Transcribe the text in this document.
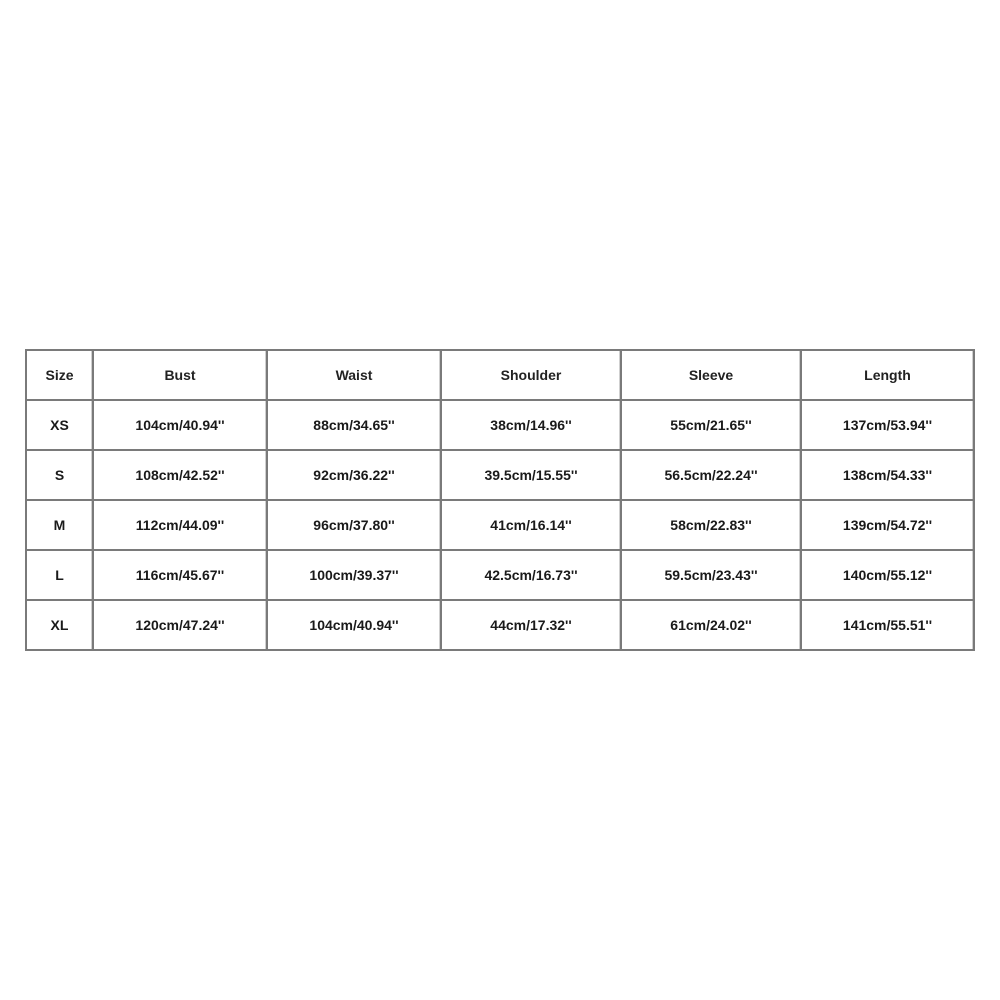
Size	Bust	Waist	Shoulder	Sleeve	Length
XS	104cm/40.94''	88cm/34.65''	38cm/14.96''	55cm/21.65''	137cm/53.94''
S	108cm/42.52''	92cm/36.22''	39.5cm/15.55''	56.5cm/22.24''	138cm/54.33''
M	112cm/44.09''	96cm/37.80''	41cm/16.14''	58cm/22.83''	139cm/54.72''
L	116cm/45.67''	100cm/39.37''	42.5cm/16.73''	59.5cm/23.43''	140cm/55.12''
XL	120cm/47.24''	104cm/40.94''	44cm/17.32''	61cm/24.02''	141cm/55.51''
